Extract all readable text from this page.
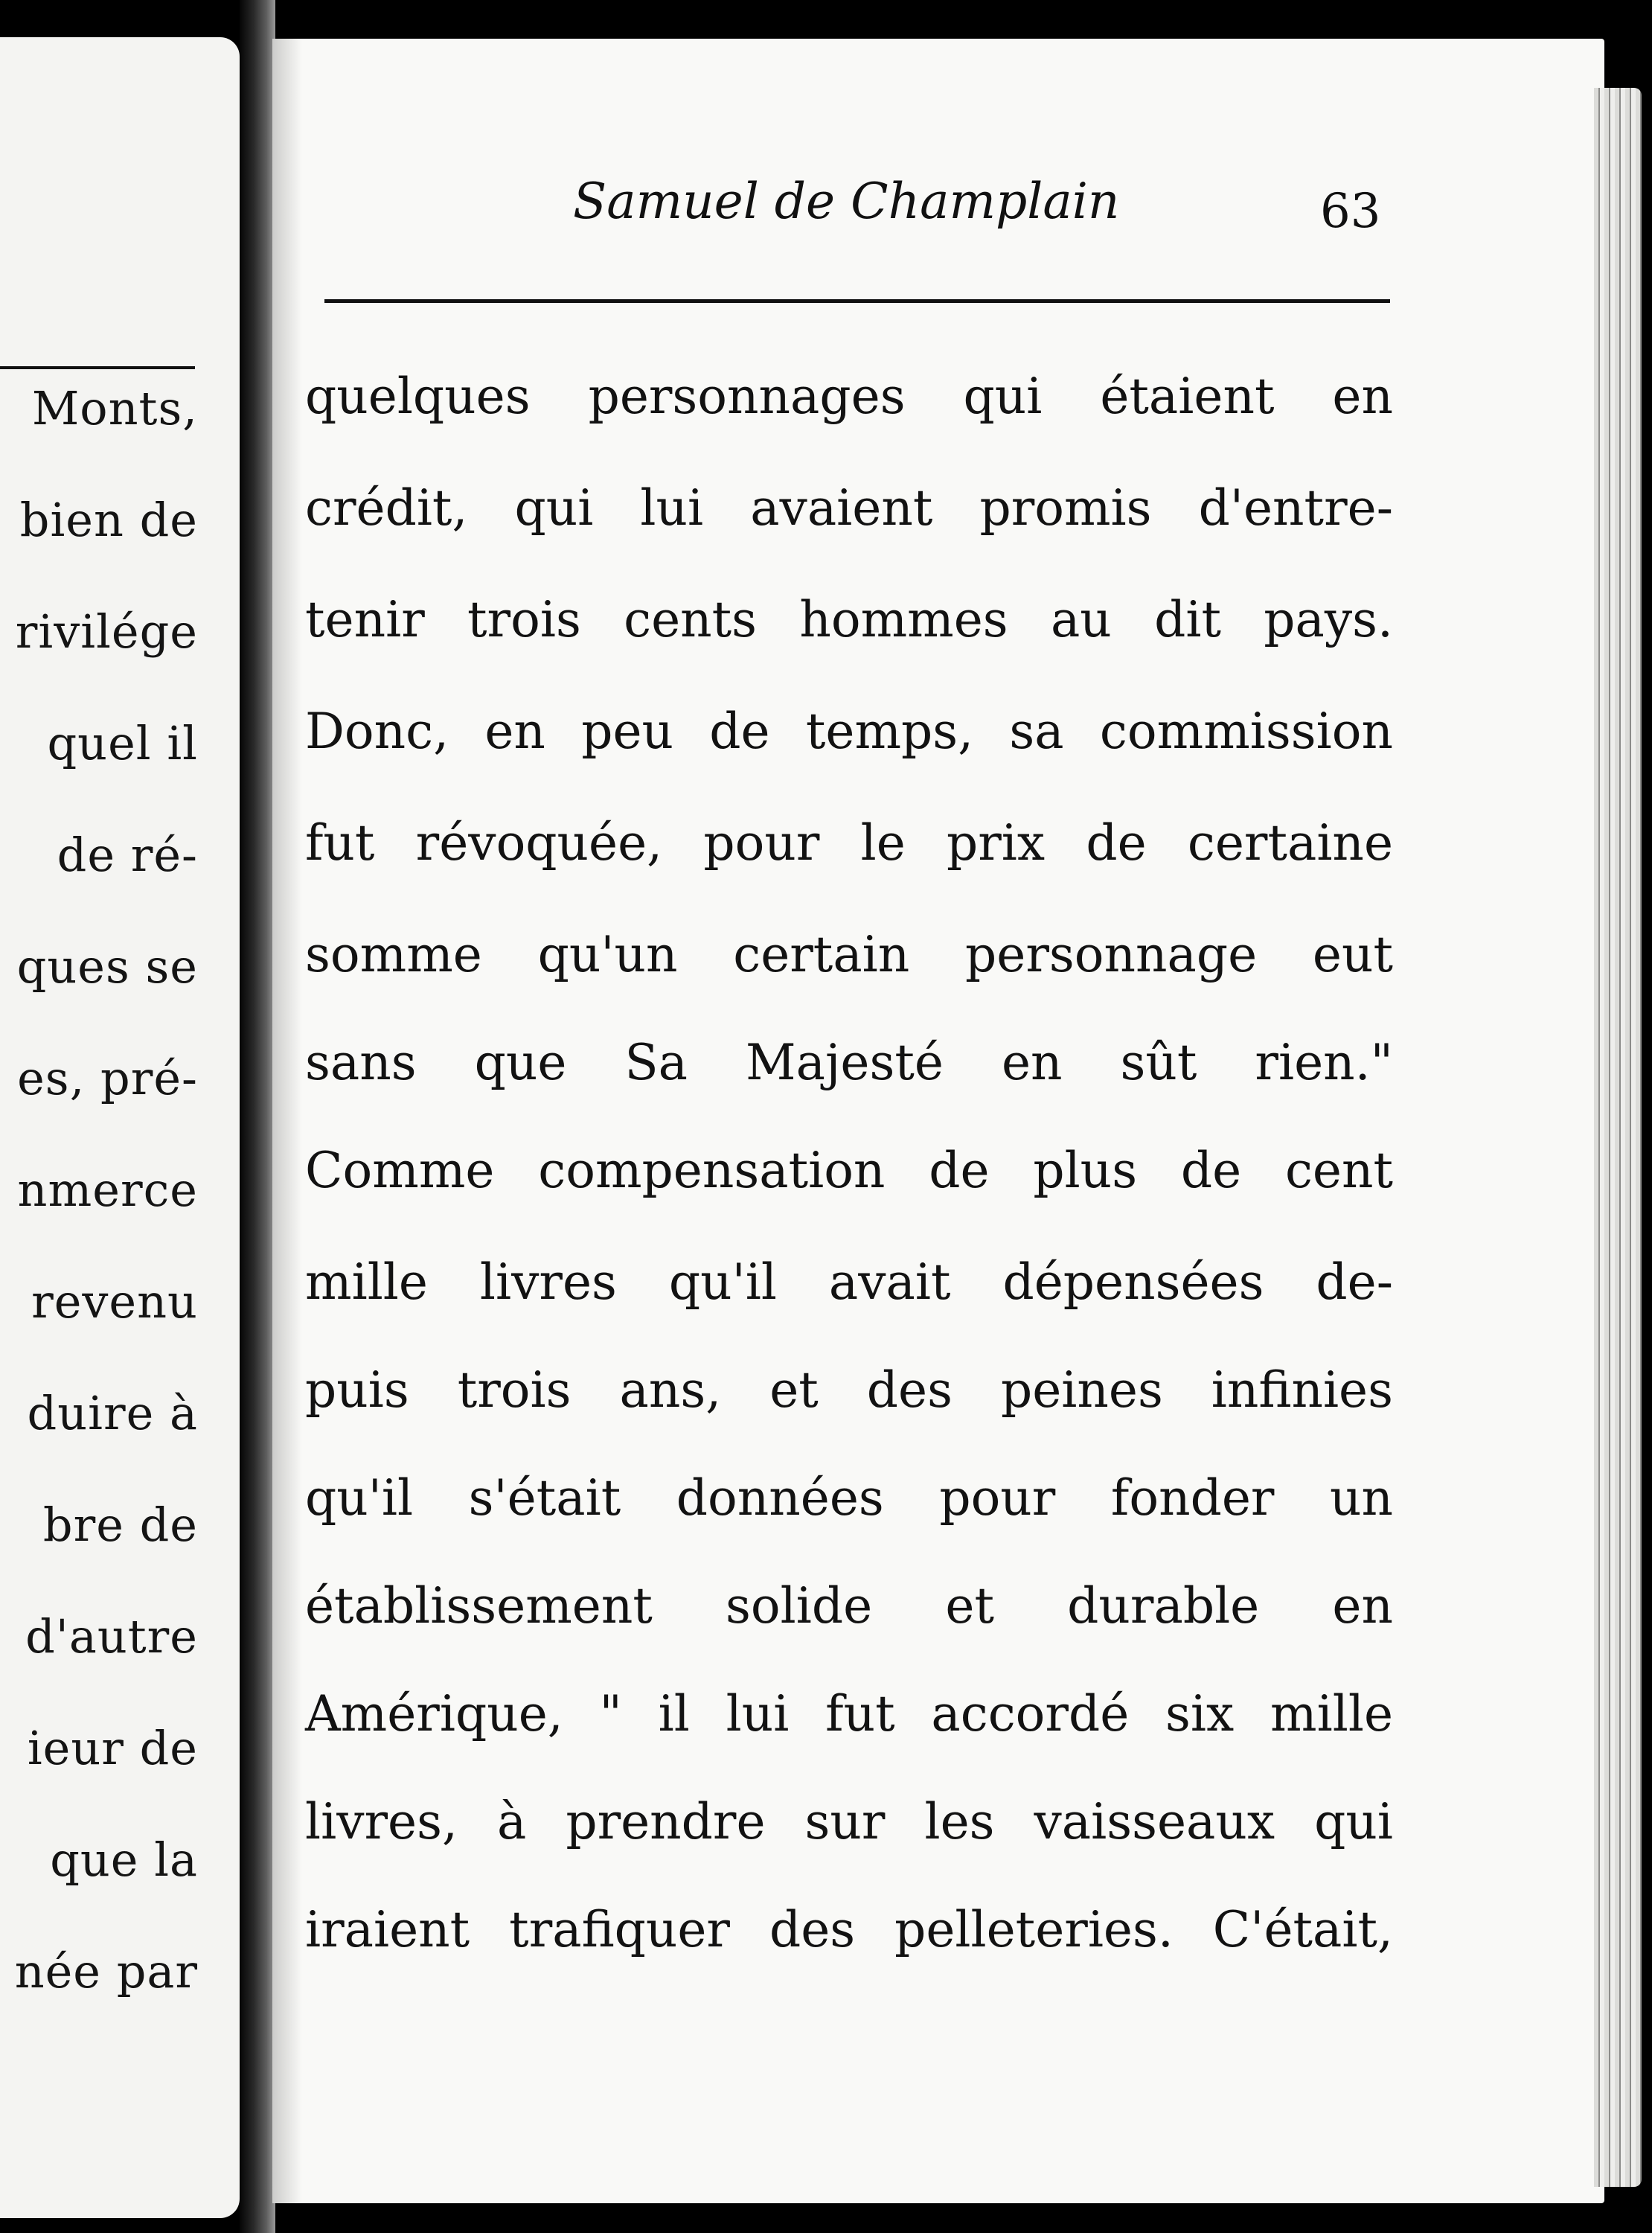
Monts,
bien de
rivilége
quel il
de ré-
ques se
es, pré-
nmerce
revenu
duire à
bre de
d'autre
ieur de
que la
née par
Samuel de Champlain	63
quelques personnages qui étaient en
crédit, qui lui avaient promis d'entre-
tenir trois cents hommes au dit pays.
Donc, en peu de temps, sa commission
fut révoquée, pour le prix de certaine
somme qu'un certain personnage eut
sans que Sa Majesté en sût rien."
Comme compensation de plus de cent
mille livres qu'il avait dépensées de-
puis trois ans, et des peines infinies
qu'il s'était données pour fonder un
établissement solide et durable en
Amérique, " il lui fut accordé six mille
livres, à prendre sur les vaisseaux qui
iraient trafiquer des pelleteries. C'était,
